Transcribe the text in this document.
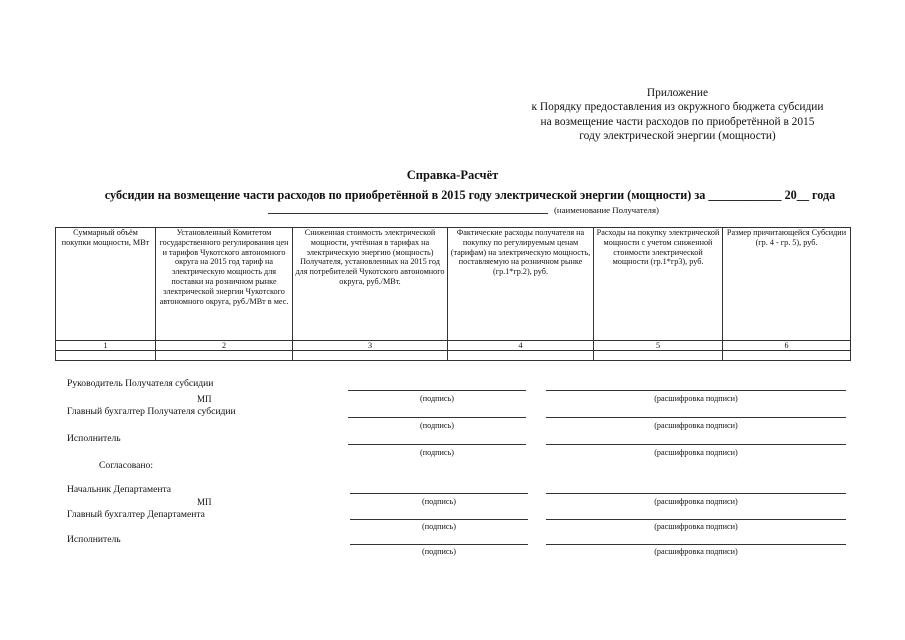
Приложение
к Порядку предоставления из окружного бюджета субсидии
на возмещение части расходов по приобретённой в 2015
году электрической энергии (мощности)
Справка-Расчёт
субсидии на возмещение части расходов по приобретённой в 2015 году электрической энергии (мощности) за ____________ 20__ года
(наименование Получателя)
Суммарный объём покупки мощности, МВт	Установленный Комитетом государственного регулирования цен и тарифов Чукотского автономного округа на 2015 год тариф на электрическую мощность для поставки на розничном рынке электрической энергии Чукотского автономного округа, руб./МВт в мес.	Сниженная стоимость электрической мощности, учтённая в тарифах на электрическую энергию (мощность) Получателя, установленных на 2015 год для потребителей Чукотского автономного округа, руб./МВт.	Фактические расходы получателя на покупку по регулируемым ценам (тарифам) на электрическую мощность, поставляемую на розничном рынке (гр.1*гр.2), руб.	Расходы на покупку электрической мощности с учетом сниженной стоимости электрической мощности (гр.1*гр3), руб.	Размер причитающейся Субсидии (гр. 4 - гр. 5), руб.
1	2	3	4	5	6

Руководитель Получателя субсидии
МП	(подпись)	(расшифровка подписи)
Главный бухгалтер Получателя субсидии
(подпись)	(расшифровка подписи)
Исполнитель
(подпись)	(расшифровка подписи)
Согласовано:
Начальник Департамента
МП	(подпись)	(расшифровка подписи)
Главный бухгалтер Департамента
(подпись)	(расшифровка подписи)
Исполнитель
(подпись)	(расшифровка подписи)
